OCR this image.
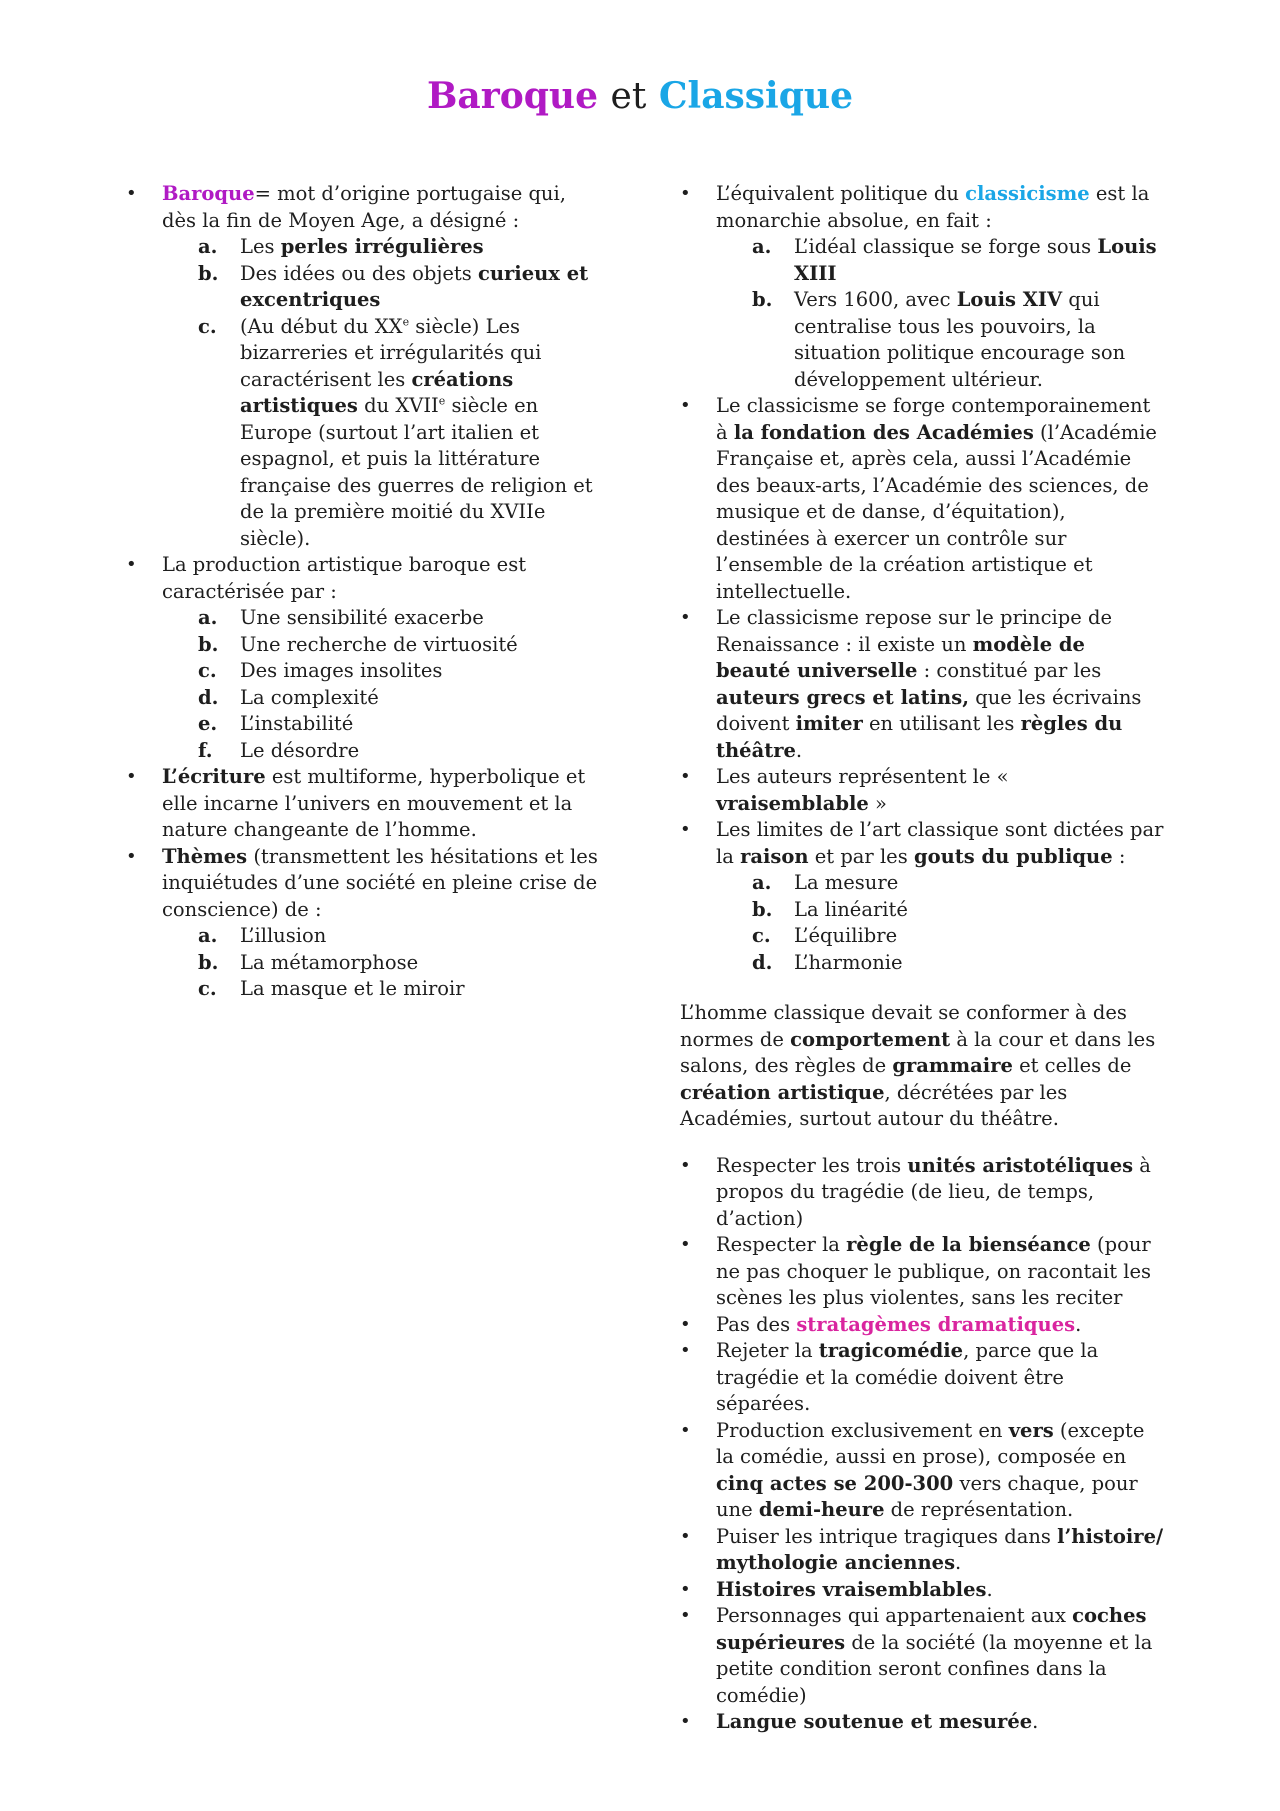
Baroque et Classique
• Baroque= mot d’origine portugaise qui, dès la fin de Moyen Age, a désigné :
a. Les perles irrégulières
b. Des idées ou des objets curieux et excentriques
c. (Au début du XXe siècle) Les bizarreries et irrégularités qui caractérisent les créations artistiques du XVIIe siècle en Europe (surtout l’art italien et espagnol, et puis la littérature française des guerres de religion et de la première moitié du XVIIe siècle).
• La production artistique baroque est caractérisée par :
a. Une sensibilité exacerbe
b. Une recherche de virtuosité
c. Des images insolites
d. La complexité
e. L’instabilité
f. Le désordre
• L’écriture est multiforme, hyperbolique et elle incarne l’univers en mouvement et la nature changeante de l’homme.
• Thèmes (transmettent les hésitations et les inquiétudes d’une société en pleine crise de conscience) de :
a. L’illusion
b. La métamorphose
c. La masque et le miroir
• L’équivalent politique du classicisme est la monarchie absolue, en fait :
a. L’idéal classique se forge sous Louis XIII
b. Vers 1600, avec Louis XIV qui centralise tous les pouvoirs, la situation politique encourage son développement ultérieur.
• Le classicisme se forge contemporainement à la fondation des Académies (l’Académie Française et, après cela, aussi l’Académie des beaux-arts, l’Académie des sciences, de musique et de danse, d’équitation), destinées à exercer un contrôle sur l’ensemble de la création artistique et intellectuelle.
• Le classicisme repose sur le principe de Renaissance : il existe un modèle de beauté universelle : constitué par les auteurs grecs et latins, que les écrivains doivent imiter en utilisant les règles du théâtre.
• Les auteurs représentent le « vraisemblable »
• Les limites de l’art classique sont dictées par la raison et par les gouts du publique :
a. La mesure
b. La linéarité
c. L’équilibre
d. L’harmonie

L’homme classique devait se conformer à des normes de comportement à la cour et dans les salons, des règles de grammaire et celles de création artistique, décrétées par les Académies, surtout autour du théâtre.

• Respecter les trois unités aristotéliques à propos du tragédie (de lieu, de temps, d’action)
• Respecter la règle de la bienséance (pour ne pas choquer le publique, on racontait les scènes les plus violentes, sans les reciter
• Pas des stratagèmes dramatiques.
• Rejeter la tragicomédie, parce que la tragédie et la comédie doivent être séparées.
• Production exclusivement en vers (excepte la comédie, aussi en prose), composée en cinq actes se 200-300 vers chaque, pour une demi-heure de représentation.
• Puiser les intrique tragiques dans l’histoire/ mythologie anciennes.
• Histoires vraisemblables.
• Personnages qui appartenaient aux coches supérieures de la société (la moyenne et la petite condition seront confines dans la comédie)
• Langue soutenue et mesurée.
